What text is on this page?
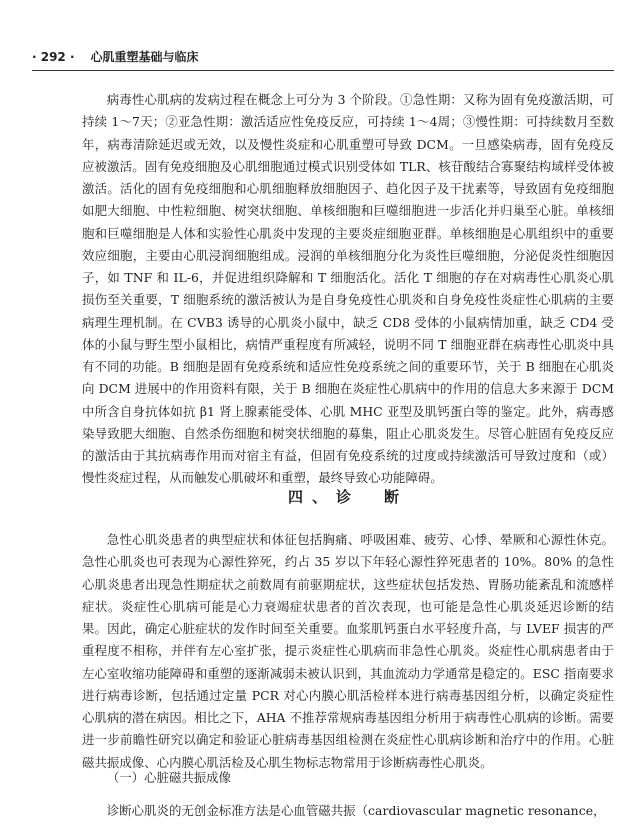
· 292 · 心肌重塑基础与临床

病毒性心肌病的发病过程在概念上可分为 3 个阶段。①急性期：又称为固有免疫激活期，可持续 1～7天；②亚急性期：激活适应性免疫反应，可持续 1～4周；③慢性期：可持续数月至数年，病毒清除延迟或无效，以及慢性炎症和心肌重塑可导致 DCM。一旦感染病毒，固有免疫反应被激活。固有免疫细胞及心肌细胞通过模式识别受体如 TLR、核苷酸结合寡聚结构域样受体被激活。活化的固有免疫细胞和心肌细胞释放细胞因子、趋化因子及干扰素等，导致固有免疫细胞如肥大细胞、中性粒细胞、树突状细胞、单核细胞和巨噬细胞进一步活化并归巢至心脏。单核细胞和巨噬细胞是人体和实验性心肌炎中发现的主要炎症细胞亚群。单核细胞是心肌组织中的重要效应细胞，主要由心肌浸润细胞组成。浸润的单核细胞分化为炎性巨噬细胞，分泌促炎性细胞因子，如 TNF 和 IL-6，并促进组织降解和 T 细胞活化。活化 T 细胞的存在对病毒性心肌炎心肌损伤至关重要，T 细胞系统的激活被认为是自身免疫性心肌炎和自身免疫性炎症性心肌病的主要病理生理机制。在 CVB3 诱导的心肌炎小鼠中，缺乏 CD8 受体的小鼠病情加重，缺乏 CD4 受体的小鼠与野生型小鼠相比，病情严重程度有所减轻，说明不同 T 细胞亚群在病毒性心肌炎中具有不同的功能。B 细胞是固有免疫系统和适应性免疫系统之间的重要环节，关于 B 细胞在心肌炎向 DCM 进展中的作用资料有限，关于 B 细胞在炎症性心肌病中的作用的信息大多来源于 DCM 中所含自身抗体如抗 β1 肾上腺素能受体、心肌 MHC 亚型及肌钙蛋白等的鉴定。此外，病毒感染导致肥大细胞、自然杀伤细胞和树突状细胞的募集，阻止心肌炎发生。尽管心脏固有免疫反应的激活由于其抗病毒作用而对宿主有益，但固有免疫系统的过度或持续激活可导致过度和（或）慢性炎症过程，从而触发心肌破坏和重塑，最终导致心功能障碍。

四、诊　断

急性心肌炎患者的典型症状和体征包括胸痛、呼吸困难、疲劳、心悸、晕厥和心源性休克。急性心肌炎也可表现为心源性猝死，约占 35 岁以下年轻心源性猝死患者的 10%。80% 的急性心肌炎患者出现急性期症状之前数周有前驱期症状，这些症状包括发热、胃肠功能紊乱和流感样症状。炎症性心肌病可能是心力衰竭症状患者的首次表现，也可能是急性心肌炎延迟诊断的结果。因此，确定心脏症状的发作时间至关重要。血浆肌钙蛋白水平轻度升高，与 LVEF 损害的严重程度不相称，并伴有左心室扩张，提示炎症性心肌病而非急性心肌炎。炎症性心肌病患者由于左心室收缩功能障碍和重塑的逐渐减弱未被认识到，其血流动力学通常是稳定的。ESC 指南要求进行病毒诊断，包括通过定量 PCR 对心内膜心肌活检样本进行病毒基因组分析，以确定炎症性心肌病的潜在病因。相比之下，AHA 不推荐常规病毒基因组分析用于病毒性心肌病的诊断。需要进一步前瞻性研究以确定和验证心脏病毒基因组检测在炎症性心肌病诊断和治疗中的作用。心脏磁共振成像、心内膜心肌活检及心肌生物标志物常用于诊断病毒性心肌炎。

（一）心脏磁共振成像

诊断心肌炎的无创金标准方法是心血管磁共振（cardiovascular magnetic resonance，
